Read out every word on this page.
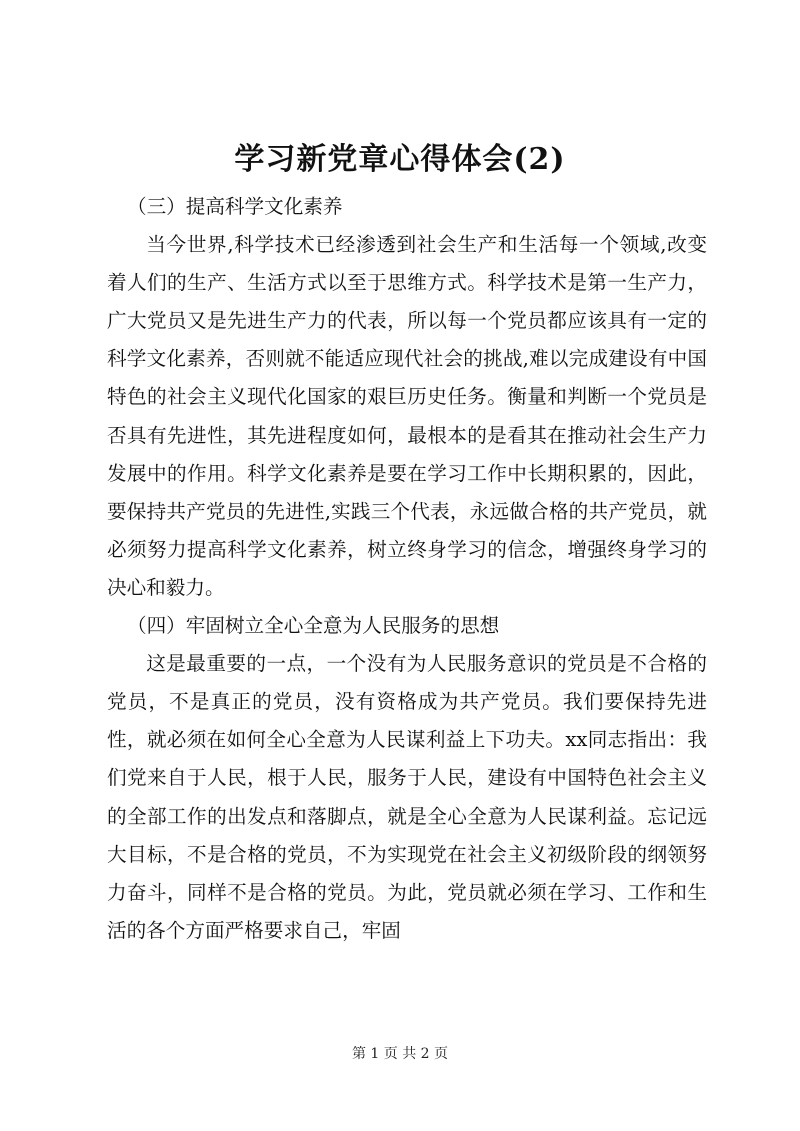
学习新党章心得体会(2)

（三）提高科学文化素养

当今世界,科学技术已经渗透到社会生产和生活每一个领域,改变着人们的生产、生活方式以至于思维方式。科学技术是第一生产力，广大党员又是先进生产力的代表，所以每一个党员都应该具有一定的科学文化素养，否则就不能适应现代社会的挑战,难以完成建设有中国特色的社会主义现代化国家的艰巨历史任务。衡量和判断一个党员是否具有先进性，其先进程度如何，最根本的是看其在推动社会生产力发展中的作用。科学文化素养是要在学习工作中长期积累的，因此，要保持共产党员的先进性,实践三个代表，永远做合格的共产党员，就必须努力提高科学文化素养，树立终身学习的信念，增强终身学习的决心和毅力。

（四）牢固树立全心全意为人民服务的思想

这是最重要的一点，一个没有为人民服务意识的党员是不合格的党员，不是真正的党员，没有资格成为共产党员。我们要保持先进性，就必须在如何全心全意为人民谋利益上下功夫。xx同志指出：我们党来自于人民，根于人民，服务于人民，建设有中国特色社会主义的全部工作的出发点和落脚点，就是全心全意为人民谋利益。忘记远大目标，不是合格的党员，不为实现党在社会主义初级阶段的纲领努力奋斗，同样不是合格的党员。为此，党员就必须在学习、工作和生活的各个方面严格要求自己，牢固

第 1 页 共 2 页
